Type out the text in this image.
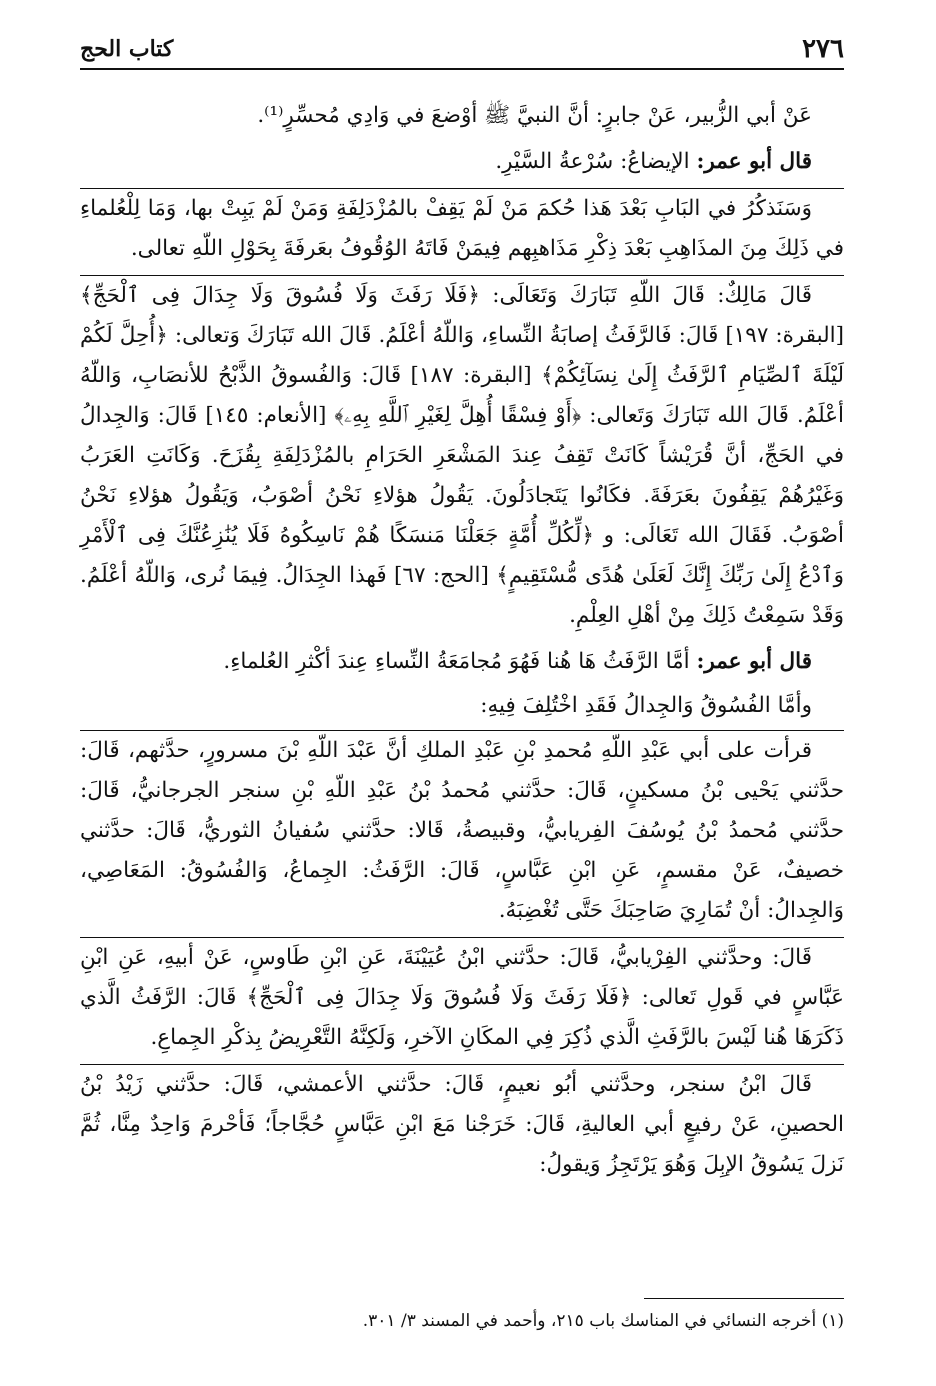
٢٧٦
كتاب الحج

عَنْ أبي الزُّبير، عَنْ جابرٍ: أنَّ النبيَّ ﷺ أوْضعَ في وَادِي مُحسِّرٍ⁽¹⁾.

قال أبو عمر: الإيضاعُ: سُرْعةُ السَّيْرِ.

وَسَنَذكُرُ في البَابِ بَعْدَ هَذا حُكمَ مَنْ لَمْ يَقِفْ بالمُزْدَلِفَةِ وَمَنْ لَمْ يَبِتْ بها، وَمَا لِلْعُلماءِ في ذَلِكَ مِنَ المذَاهِبِ بَعْدَ ذِكْرِ مَذَاهبِهم فِيمَنْ فَاتَهُ الوُقُوفُ بعَرفَةَ بِحَوْلِ اللّهِ تعالى.

قَالَ مَالِكٌ: قَالَ اللّهِ تَبَارَكَ وَتَعَالَى: ﴿فَلَا رَفَثَ وَلَا فُسُوقَ وَلَا جِدَالَ فِى ٱلْحَجِّ﴾ [البقرة: ١٩٧] قَالَ: فَالرَّفَثُ إصابَةُ النِّساءِ، وَاللّهُ أعْلَمُ. قَالَ الله تَبَارَكَ وَتعالى: ﴿أُحِلَّ لَكُمْ لَيْلَةَ ٱلصِّيَامِ ٱلرَّفَثُ إِلَىٰ نِسَآئِكُمْ﴾ [البقرة: ١٨٧] قَالَ: وَالفُسوقُ الذَّبْحُ للأنصَابِ، وَاللّهُ أعْلَمُ. قَالَ الله تَبَارَكَ وَتَعالى: ﴿أَوْ فِسْقًا أُهِلَّ لِغَيْرِ ٱللَّهِ بِهِۦ﴾ [الأنعام: ١٤٥] قَالَ: وَالجِدالُ في الحَجِّ، أنَّ قُرَيْشاً كَانَتْ تَقِفُ عِندَ المَشْعَرِ الحَرَامِ بالمُزْدَلِفَةِ بِقُزَحَ. وَكَانَتِ العَرَبُ وَغَيْرُهُمْ يَقِفُونَ بعَرَفَةَ. فكَانُوا يَتَجادَلُونَ. يَقُولُ هؤلاءِ نَحْنُ أصْوَبُ، وَيَقُولُ هؤلاءِ نَحْنُ أصْوَبُ. فَقَالَ الله تَعَالَى: و ﴿لِّكُلِّ أُمَّةٍ جَعَلْنَا مَنسَكًا هُمْ نَاسِكُوهُ فَلَا يُنَٰزِعُنَّكَ فِى ٱلْأَمْرِ وَٱدْعُ إِلَىٰ رَبِّكَ إِنَّكَ لَعَلَىٰ هُدًى مُّسْتَقِيمٍ﴾ [الحج: ٦٧] فَهذا الجِدَالُ. فِيمَا نُرى، وَاللّهُ أعْلَمُ. وَقَدْ سَمِعْتُ ذَلِكَ مِنْ أهْلِ العِلْمِ.

قال أبو عمر: أمَّا الرَّفَثُ هَا هُنا فَهُوَ مُجامَعَةُ النِّساءِ عِندَ أكْثرِ العُلماءِ.

وأمَّا الفُسُوقُ وَالجِدالُ فَقَدِ اخْتُلِفَ فِيهِ:

قرأت على أبي عَبْدِ اللّهِ مُحمدِ بْنِ عَبْدِ الملكِ أنَّ عَبْدَ اللّهِ بْنَ مسرورٍ، حدَّثهم، قَالَ: حدَّثني يَحْيى بْنُ مسكينٍ، قَالَ: حدَّثني مُحمدُ بْنُ عَبْدِ اللّهِ بْنِ سنجر الجرجانيُّ، قَالَ: حدَّثني مُحمدُ بْنُ يُوسُفَ الفِريابيُّ، وقبيصةُ، قَالا: حدَّثني سُفيانُ الثوريُّ، قَالَ: حدَّثني خصيفٌ، عَنْ مقسمٍ، عَنِ ابْنِ عَبَّاسٍ، قَالَ: الرَّفَثُ: الجِماعُ، وَالفُسُوقُ: المَعَاصِي، وَالجِدالُ: أنْ تُمَارِيَ صَاحِبَكَ حَتَّى تُغْضِبَهُ.

قَالَ: وحدَّثني الفِرْيابيُّ، قَالَ: حدَّثني ابْنُ عُيَيْنَةَ، عَنِ ابْنِ طَاوسٍ، عَنْ أبيهِ، عَنِ ابْنِ عَبَّاسٍ في قَولِ تَعالى: ﴿فَلَا رَفَثَ وَلَا فُسُوقَ وَلَا جِدَالَ فِى ٱلْحَجِّ﴾ قَالَ: الرَّفَثُ الَّذي ذَكَرَهَا هُنا لَيْسَ بالرَّفَثِ الَّذي ذُكِرَ فِي المكَانِ الآخرِ، وَلَكِنَّهُ التَّعْرِيضُ بِذكْرِ الجِماعِ.

قَالَ ابْنُ سنجر، وحدَّثني أبُو نعيمٍ، قَالَ: حدَّثني الأعمشي، قَالَ: حدَّثني زَيْدُ بْنُ الحصينِ، عَنْ رفيعٍ أبي العاليةِ، قَالَ: خَرَجْنا مَعَ ابْنِ عَبَّاسٍ حُجَّاجاً؛ فَأحْرمَ وَاحِدٌ مِنَّا، ثُمَّ نَزلَ يَسُوقُ الإبِلَ وَهُوَ يَرْتَجِزُ وَيقولُ:

(١) أخرجه النسائي في المناسك باب ٢١٥، وأحمد في المسند ٣/ ٣٠١.
